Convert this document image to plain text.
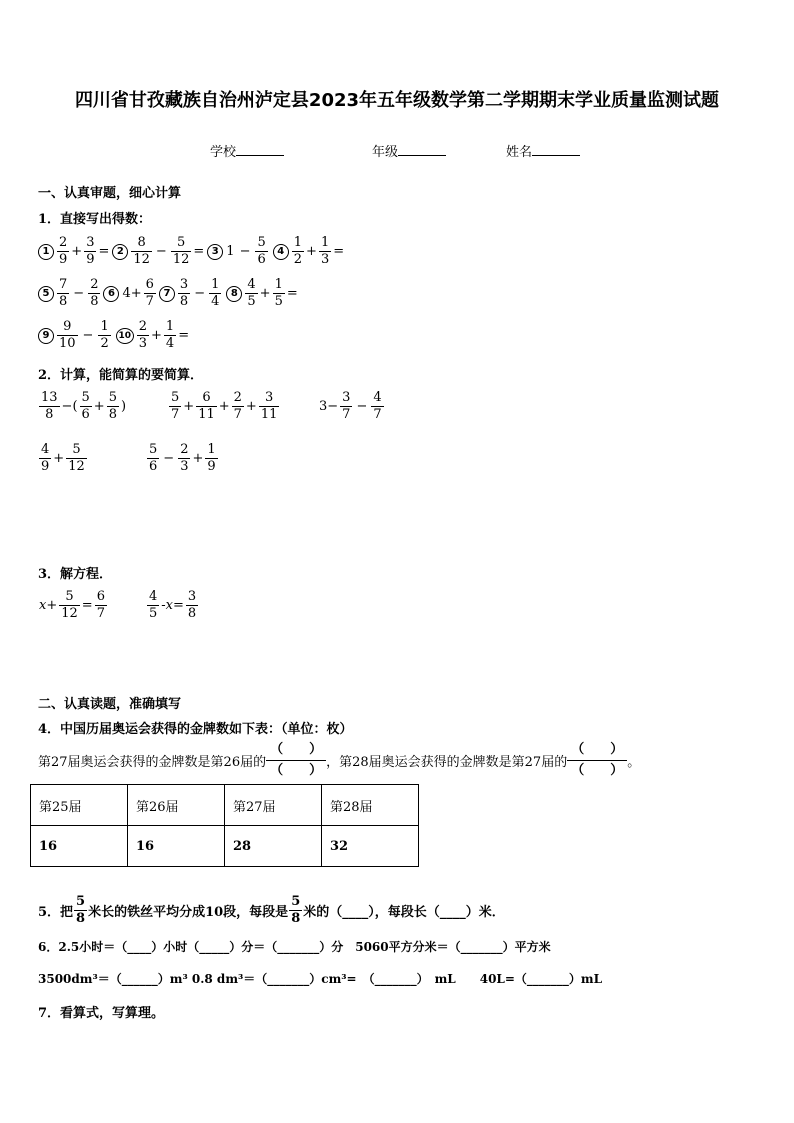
四川省甘孜藏族自治州泸定县2023年五年级数学第二学期期末学业质量监测试题
学校	年级	姓名
一、认真审题，细心计算
1．直接写出得数：
$1 \frac{2}{9} + \frac{3}{9} = 2 \frac{8}{12} - \frac{5}{12} = 3$ $1 - \frac{5}{6} 4 \frac{1}{2} + \frac{1}{3}$ =
$5 \frac{7}{8} - \frac{2}{8} 6$ $4+ \frac{6}{7} 7 \frac{3}{8} - \frac{1}{4} 8 \frac{4}{5} + \frac{1}{5}$ =
$9 \frac{9}{10} - \frac{1}{2} 10 \frac{2}{3} + \frac{1}{4}$ =
2．计算，能简算的要简算．
$\frac{13}{8}$ −( $\frac{5}{6} + \frac{5}{8}$ )	$\frac{5}{7} + \frac{6}{11} + \frac{2}{7} + \frac{3}{11}$	$3- \frac{3}{7} - \frac{4}{7}$
$\frac{4}{9} + \frac{5}{12}$	$\frac{5}{6} - \frac{2}{3} + \frac{1}{9}$
3．解方程．
$x+ \frac{5}{12} = \frac{6}{7}$	$\frac{4}{5} -x= \frac{3}{8}$
二、认真读题，准确填写
4．中国历届奥运会获得的金牌数如下表：（单位：枚）
第27届奥运会获得的金牌数是第26届的 $\frac{( )}{( )}$ ，第28届奥运会获得的金牌数是第27届的 $\frac{( )}{( )}$ 。
第25届	第26届	第27届	第28届
16	16	28	32
5．把 $\frac{5}{8}$ 米长的铁丝平均分成10段，每段是 $\frac{5}{8}$ 米的（____），每段长（____）米．
6．2.5小时＝（____）小时（_____）分＝（_______）分　5060平方分米＝（_______）平方米
3500dm³＝（______）m³ 0.8 dm³＝（_______）cm³=　（_______）　mL　　40L=（_______）mL
7．看算式，写算理。
